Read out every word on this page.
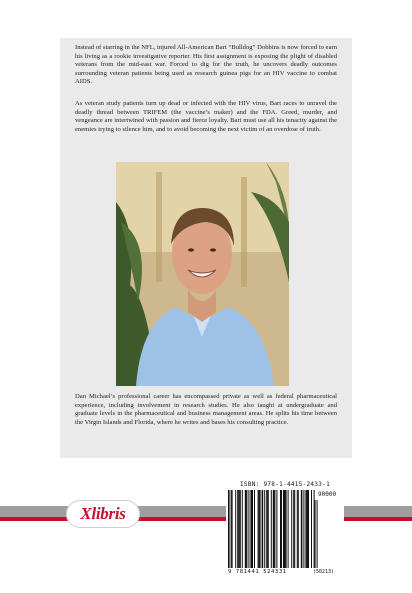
Instead of starring in the NFL, injured All-American Bart “Bulldog” Dobbins is now forced to earn his living as a rookie investigative reporter. His first assignment is exposing the plight of disabled veterans from the mid-east war. Forced to dig for the truth, he uncovers deadly outcomes surrounding veteran patients being used as research guinea pigs for an HIV vaccine to combat AIDS.

As veteran study patients turn up dead or infected with the HIV virus, Bart races to unravel the deadly thread between TRIFEM (the vaccine’s maker) and the FDA. Greed, murder, and vengeance are intertwined with passion and fierce loyalty. Bart must use all his tenacity against the enemies trying to silence him, and to avoid becoming the next victim of an overdose of truth.

Dan Michael’s professional career has encompassed private as well as federal pharmaceutical experience, including involvement in research studies. He also taught at undergraduate and graduate levels in the pharmaceutical and business management areas. He splits his time between the Virgin Islands and Florida, where he writes and bases his consulting practice.

Xlibris
ISBN: 978-1-4415-2433-1
90000
9 781441 524331	(50213)
